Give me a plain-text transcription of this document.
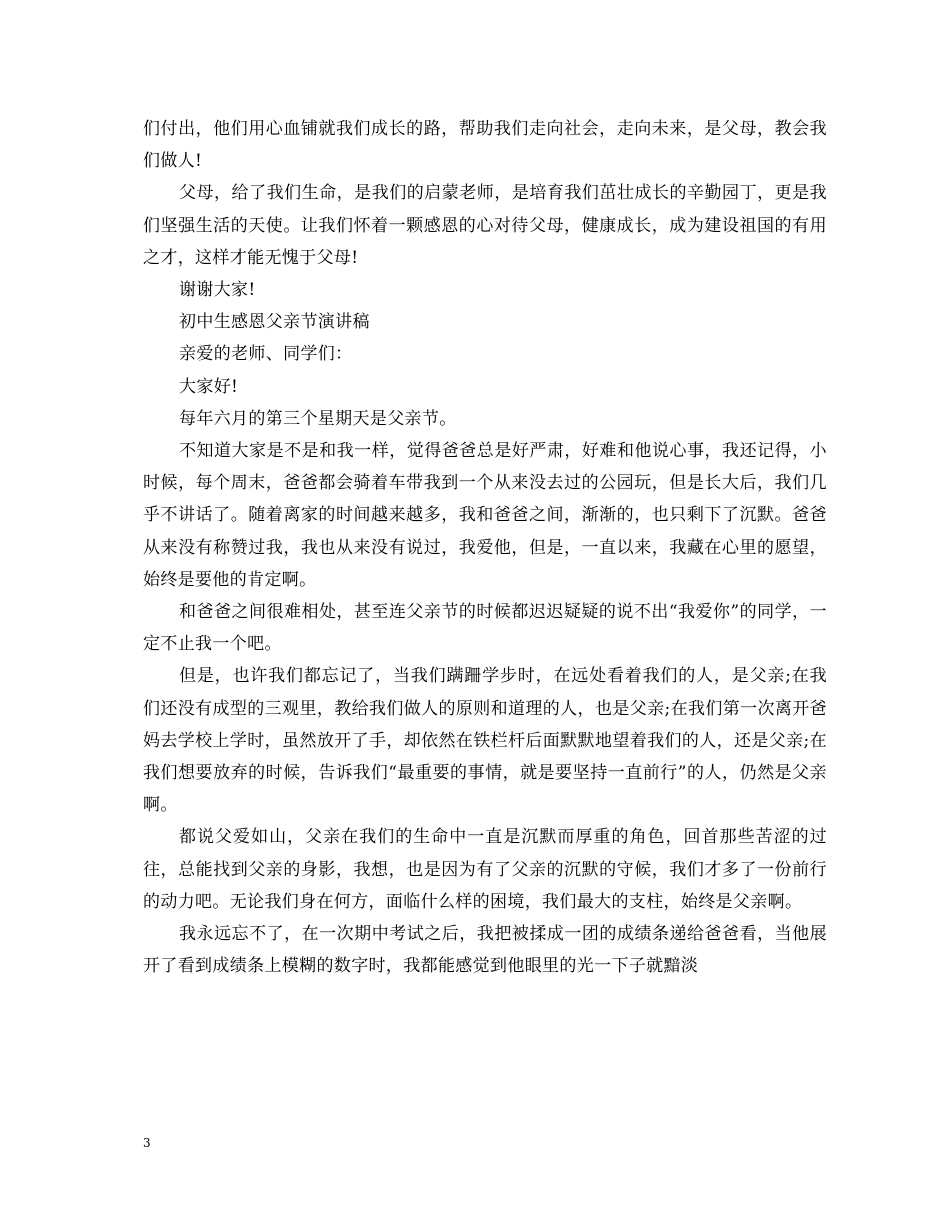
们付出，他们用心血铺就我们成长的路，帮助我们走向社会，走向未来，是父母，教会我们做人!

父母，给了我们生命，是我们的启蒙老师，是培育我们茁壮成长的辛勤园丁，更是我们坚强生活的天使。让我们怀着一颗感恩的心对待父母，健康成长，成为建设祖国的有用之才，这样才能无愧于父母!

谢谢大家!

初中生感恩父亲节演讲稿

亲爱的老师、同学们：

大家好!

每年六月的第三个星期天是父亲节。

不知道大家是不是和我一样，觉得爸爸总是好严肃，好难和他说心事，我还记得，小时候，每个周末，爸爸都会骑着车带我到一个从来没去过的公园玩，但是长大后，我们几乎不讲话了。随着离家的时间越来越多，我和爸爸之间，渐渐的，也只剩下了沉默。爸爸从来没有称赞过我，我也从来没有说过，我爱他，但是，一直以来，我藏在心里的愿望，始终是要他的肯定啊。

和爸爸之间很难相处，甚至连父亲节的时候都迟迟疑疑的说不出“我爱你”的同学，一定不止我一个吧。

但是，也许我们都忘记了，当我们蹒跚学步时，在远处看着我们的人，是父亲;在我们还没有成型的三观里，教给我们做人的原则和道理的人，也是父亲;在我们第一次离开爸妈去学校上学时，虽然放开了手，却依然在铁栏杆后面默默地望着我们的人，还是父亲;在我们想要放弃的时候，告诉我们“最重要的事情，就是要坚持一直前行”的人，仍然是父亲啊。

都说父爱如山，父亲在我们的生命中一直是沉默而厚重的角色，回首那些苦涩的过往，总能找到父亲的身影，我想，也是因为有了父亲的沉默的守候，我们才多了一份前行的动力吧。无论我们身在何方，面临什么样的困境，我们最大的支柱，始终是父亲啊。

我永远忘不了，在一次期中考试之后，我把被揉成一团的成绩条递给爸爸看，当他展开了看到成绩条上模糊的数字时，我都能感觉到他眼里的光一下子就黯淡

3
